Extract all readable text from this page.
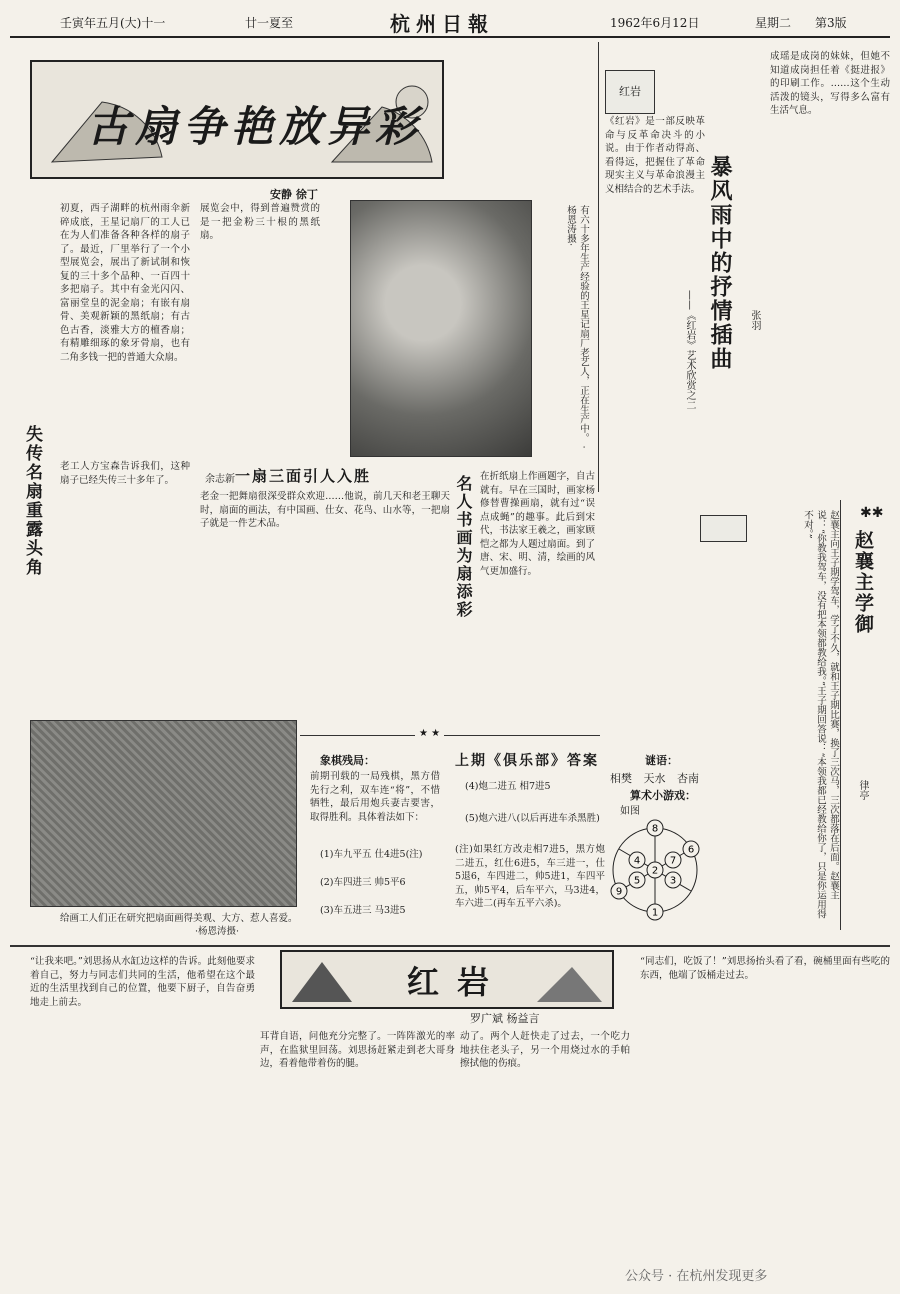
壬寅年五月(大)十一	廿一夏至	杭州日報	1962年6月12日	星期二 第3版
古扇争艳放异彩
安静 徐丁
初夏，西子湖畔的杭州雨伞新碎成底，王星记扇厂的工人已在为人们准备各种各样的扇子了。最近，厂里举行了一个小型展览会，展出了新试制和恢复的三十多个品种、一百四十多把扇子。其中有金光闪闪、富丽堂皇的泥金扇；有嵌有扇骨、美观新颖的黑纸扇；有古色古香，淡雅大方的檀香扇；有精雕细琢的象牙骨扇，也有二角多钱一把的普通大众扇。
展览会中，得到普遍赞赏的是一把金粉三十根的黑纸扇。
老工人方宝森告诉我们，这种扇子已经失传三十多年了。
失传名扇重露头角
给画工人们正在研究把扇面画得美观、大方、惹人喜爱。
·杨恩涛摄·
余志新 一扇三面引人入胜
老金一把舞扇很深受群众欢迎……他说，前几天和老王聊天时，扇面的画法，有中国画、仕女、花鸟、山水等，一把扇子就是一件艺术品。
有六十多年生产经验的王星记扇厂老艺人，正在生产中。 ·杨恩涛摄·
名人书画为扇添彩 在折纸扇上作画题字，自古就有。早在三国时，画家杨修替曹操画扇，就有过“误点成蝇”的趣事。此后到宋代，书法家王羲之，画家顾恺之都为人题过扇面。到了唐、宋、明、清，绘画的风气更加盛行。
红岩
《红岩》是一部反映革命与反革命决斗的小说。由于作者动得高、看得远，把握住了革命现实主义与革命浪漫主义相结合的艺术手法。 暴风雨中的抒情插曲
——《红岩》艺术欣赏之二	张羽
成瑶是成岗的妹妹，但她不知道成岗担任着《挺进报》的印刷工作。……这个生动活泼的镜头，写得多么富有生活气息。
✱✱
赵襄主学御
律亭
赵襄主向王子期学驾车，学了不久，就和王子期比赛，换了三次马，三次都落在后面。赵襄主说：“你教我驾车，没有把本领都教给我。”王子期回答说：“本领我都已经教给你了，只是你运用得不对。”
★ ★
象棋残局：
前期刊载的一局残棋，黑方借先行之利，双车连“将”，不惜牺牲，最后用炮兵妻吉要害，取得胜利。具体着法如下：
(1)车九平五 仕4进5(注)
(2)车四进三 帅5平6
(3)车五进三 马3进5
上期《俱乐部》答案
(4)炮二进五 相7进5
(5)炮六进八(以后再进车杀黑胜)
(注)如果红方改走相7进5，黑方炮二进五，红仕6进5，车三进一，仕5退6，车四进二，帅5进1，车四平五，帅5平4，后车平六，马3进4，车六进二(再车五平六杀)。
谜语：
相樊 天水 杏南
算术小游戏：
如图
8
6
7
4
2
3
9
5
1
红岩
罗广斌 杨益言
“让我来吧。”刘思扬从水缸边这样的告诉。此刻他要求着自己，努力与同志们共同的生活，他希望在这个最近的生活里找到自己的位置，他要下厨子，自告奋勇地走上前去。
耳背自语，问他充分完整了。一阵阵激光的率声，在监狱里回荡。刘思扬赶紧走到老大哥身边，看着他带着伤的腿。
动了。两个人赶快走了过去，一个吃力地扶住老头子，另一个用烧过水的手帕擦拭他的伤痕。
“同志们，吃饭了！”刘思扬抬头看了看，碗桶里面有些吃的东西，他端了饭桶走过去。
公众号 · 在杭州发现更多
